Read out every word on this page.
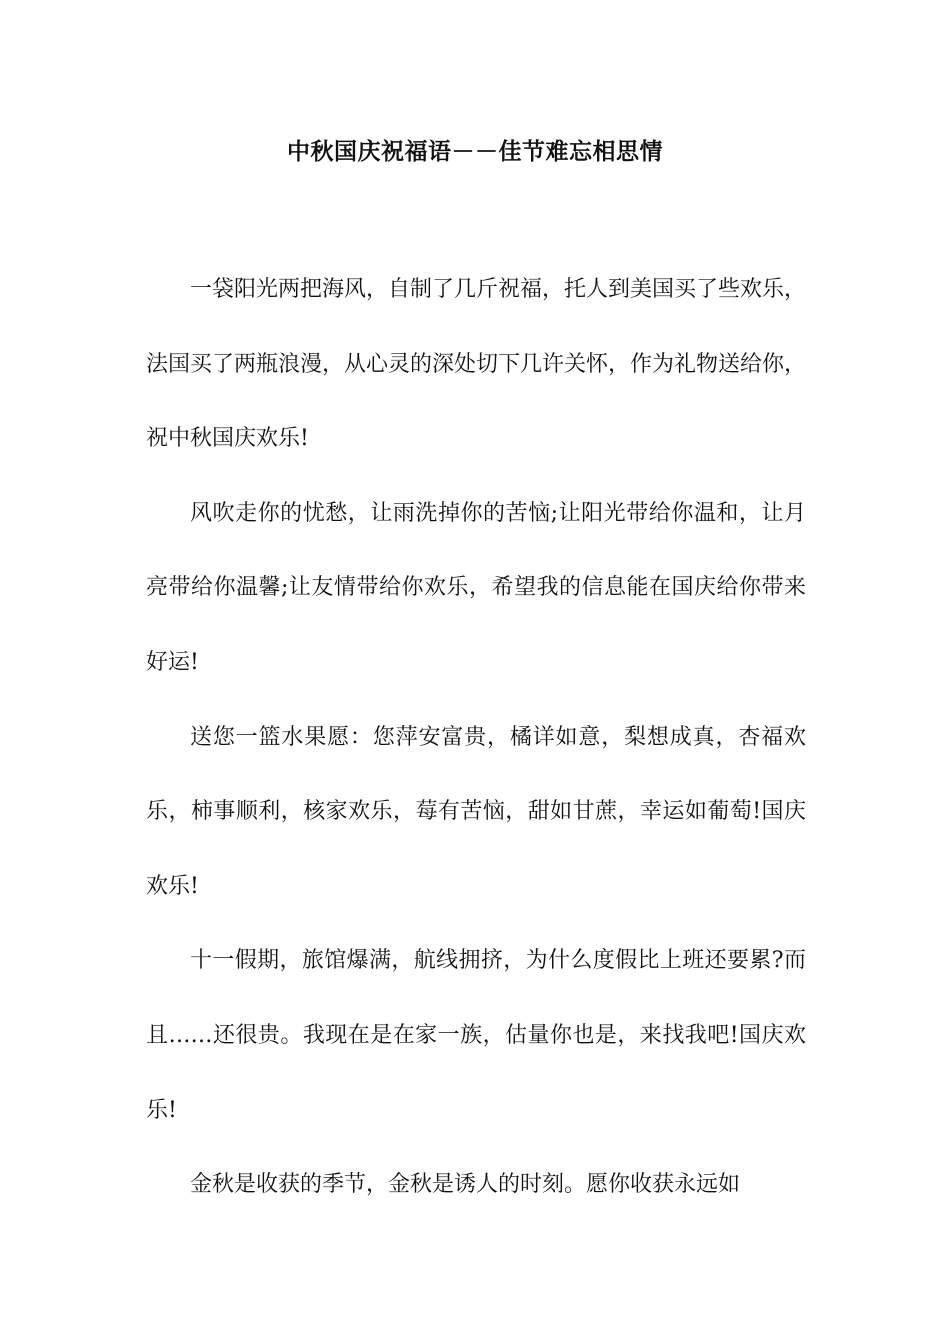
中秋国庆祝福语－－佳节难忘相思情

一袋阳光两把海风，自制了几斤祝福，托人到美国买了些欢乐，法国买了两瓶浪漫，从心灵的深处切下几许关怀，作为礼物送给你，祝中秋国庆欢乐!

风吹走你的忧愁，让雨洗掉你的苦恼;让阳光带给你温和，让月亮带给你温馨;让友情带给你欢乐，希望我的信息能在国庆给你带来好运!

送您一篮水果愿：您萍安富贵，橘详如意，梨想成真，杏福欢乐，柿事顺利，核家欢乐，莓有苦恼，甜如甘蔗，幸运如葡萄!国庆欢乐!

十一假期，旅馆爆满，航线拥挤，为什么度假比上班还要累?而且……还很贵。我现在是在家一族，估量你也是，来找我吧!国庆欢乐!

金秋是收获的季节，金秋是诱人的时刻。愿你收获永远如
